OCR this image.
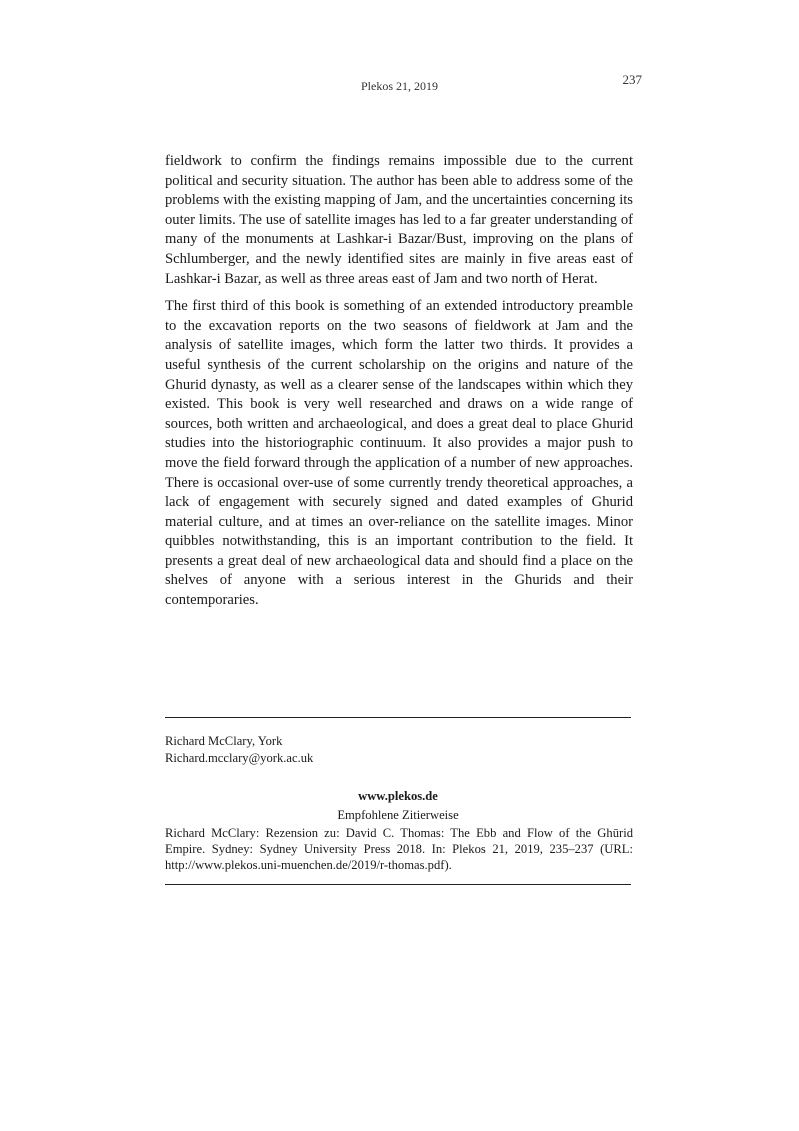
Plekos 21, 2019	237

fieldwork to confirm the findings remains impossible due to the current political and security situation. The author has been able to address some of the problems with the existing mapping of Jam, and the uncertainties concerning its outer limits. The use of satellite images has led to a far greater understanding of many of the monuments at Lashkar-i Bazar/Bust, improving on the plans of Schlumberger, and the newly identified sites are mainly in five areas east of Lashkar-i Bazar, as well as three areas east of Jam and two north of Herat.

The first third of this book is something of an extended introductory preamble to the excavation reports on the two seasons of fieldwork at Jam and the analysis of satellite images, which form the latter two thirds. It provides a useful synthesis of the current scholarship on the origins and nature of the Ghurid dynasty, as well as a clearer sense of the landscapes within which they existed. This book is very well researched and draws on a wide range of sources, both written and archaeological, and does a great deal to place Ghurid studies into the historiographic continuum. It also provides a major push to move the field forward through the application of a number of new approaches. There is occasional over-use of some currently trendy theoretical approaches, a lack of engagement with securely signed and dated examples of Ghurid material culture, and at times an over-reliance on the satellite images. Minor quibbles notwithstanding, this is an important contribution to the field. It presents a great deal of new archaeological data and should find a place on the shelves of anyone with a serious interest in the Ghurids and their contemporaries.

Richard McClary, York
Richard.mcclary@york.ac.uk
www.plekos.de
Empfohlene Zitierweise
Richard McClary: Rezension zu: David C. Thomas: The Ebb and Flow of the Ghūrid Empire. Sydney: Sydney University Press 2018. In: Plekos 21, 2019, 235–237 (URL: http://www.plekos.uni-muenchen.de/2019/r-thomas.pdf).
